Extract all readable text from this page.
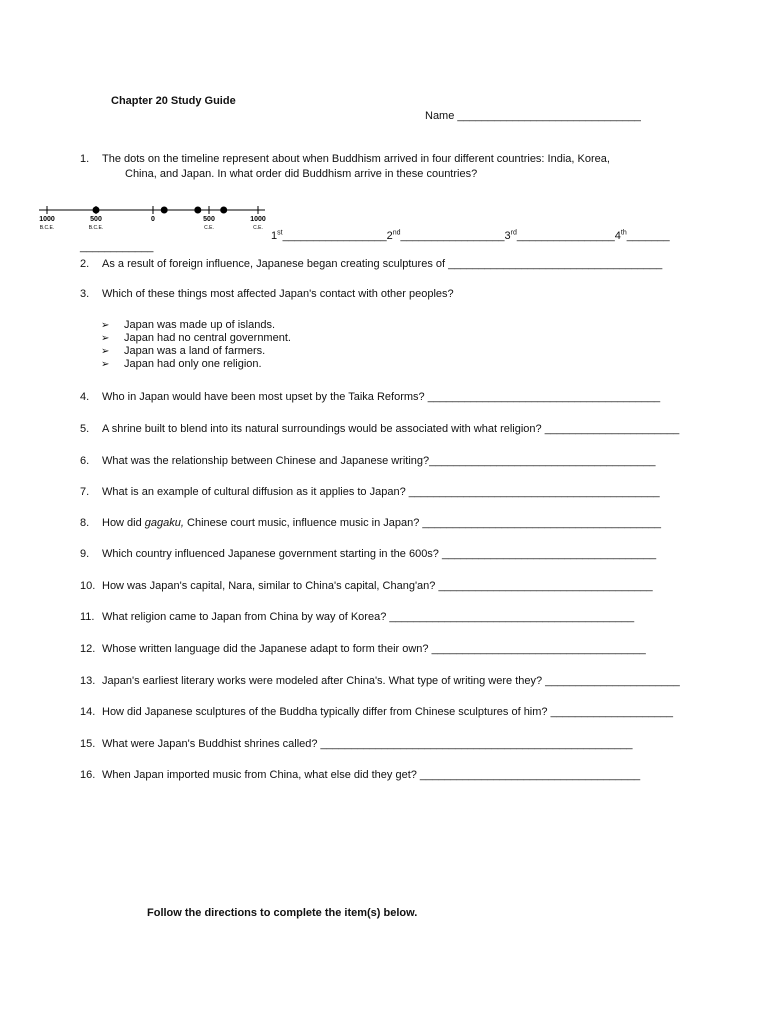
Chapter 20 Study Guide
Name ______________________________
1. The dots on the timeline represent about when Buddhism arrived in four different countries: India, Korea,
China, and Japan. In what order did Buddhism arrive in these countries?
1000
B.C.E.
500
B.C.E.
0	500
C.E.
1000
C.E.
1st_________________2nd_________________3rd________________4th_______
____________
2. As a result of foreign influence, Japanese began creating sculptures of ___________________________________
3. Which of these things most affected Japan's contact with other peoples?
➢ Japan was made up of islands.
➢ Japan had no central government.
➢ Japan was a land of farmers.
➢ Japan had only one religion.
4. Who in Japan would have been most upset by the Taika Reforms? ______________________________________
5. A shrine built to blend into its natural surroundings would be associated with what religion? ______________________
6. What was the relationship between Chinese and Japanese writing?_____________________________________
7. What is an example of cultural diffusion as it applies to Japan? _________________________________________
8. How did gagaku, Chinese court music, influence music in Japan? _______________________________________
9. Which country influenced Japanese government starting in the 600s? ___________________________________
10. How was Japan's capital, Nara, similar to China's capital, Chang'an? ___________________________________
11. What religion came to Japan from China by way of Korea? ________________________________________
12. Whose written language did the Japanese adapt to form their own? ___________________________________
13. Japan's earliest literary works were modeled after China's. What type of writing were they? ______________________
14. How did Japanese sculptures of the Buddha typically differ from Chinese sculptures of him? ____________________
15. What were Japan's Buddhist shrines called? ___________________________________________________
16. When Japan imported music from China, what else did they get? ____________________________________
Follow the directions to complete the item(s) below.
